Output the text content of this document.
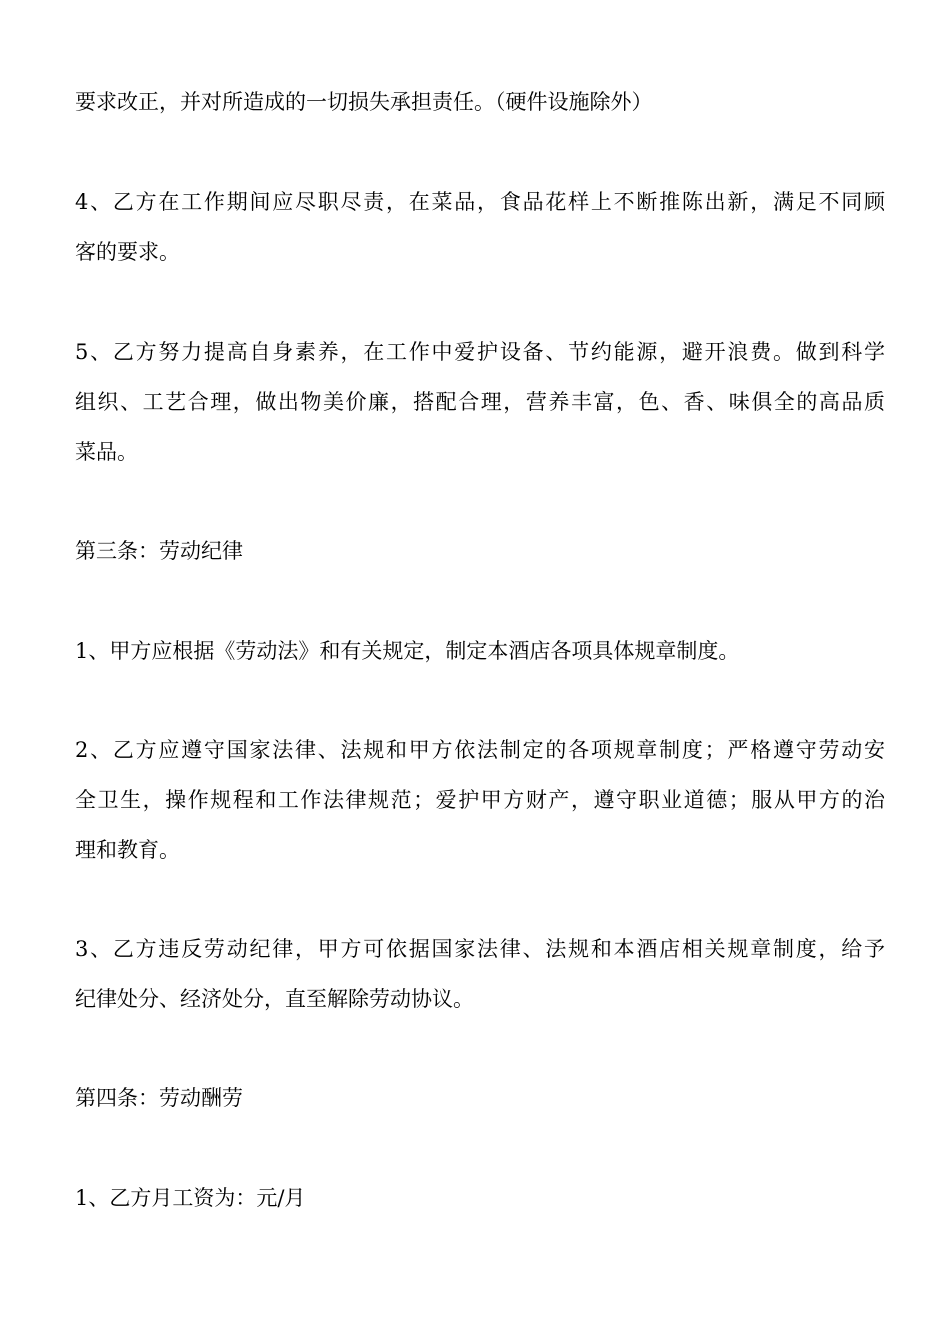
要求改正，并对所造成的一切损失承担责任。（硬件设施除外）
4、乙方在工作期间应尽职尽责，在菜品，食品花样上不断推陈出新，满足不同顾
客的要求。
5、乙方努力提高自身素养，在工作中爱护设备、节约能源，避开浪费。做到科学
组织、工艺合理，做出物美价廉，搭配合理，营养丰富，色、香、味俱全的高品质
菜品。
第三条：劳动纪律
1、甲方应根据《劳动法》和有关规定，制定本酒店各项具体规章制度。
2、乙方应遵守国家法律、法规和甲方依法制定的各项规章制度；严格遵守劳动安
全卫生，操作规程和工作法律规范；爱护甲方财产，遵守职业道德；服从甲方的治
理和教育。
3、乙方违反劳动纪律，甲方可依据国家法律、法规和本酒店相关规章制度，给予
纪律处分、经济处分，直至解除劳动协议。
第四条：劳动酬劳
1、乙方月工资为：元/月
